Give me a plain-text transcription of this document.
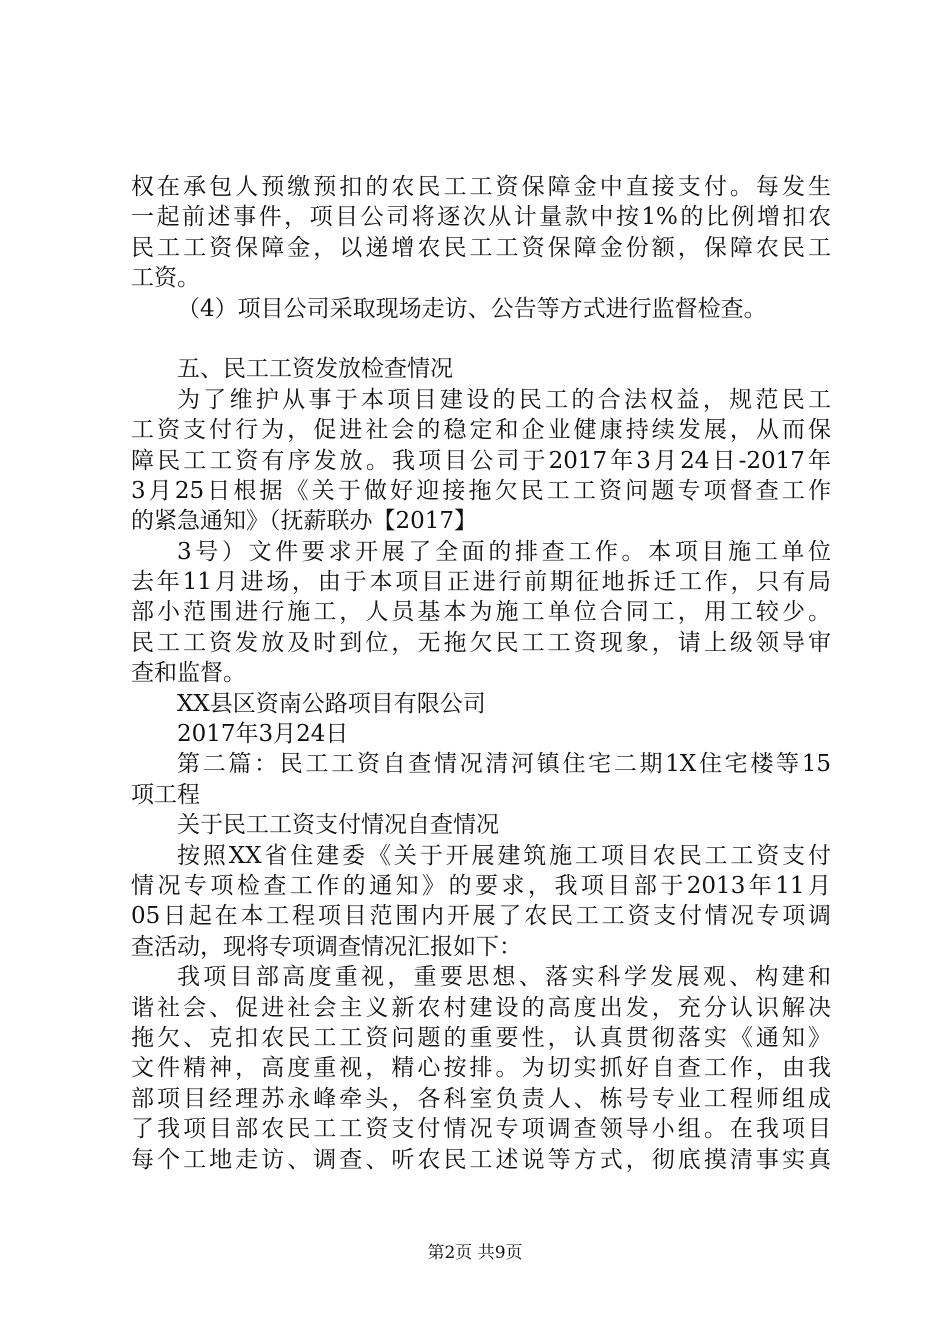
权在承包人预缴预扣的农民工工资保障金中直接支付。每发生
一起前述事件，项目公司将逐次从计量款中按1%的比例增扣农
民工工资保障金，以递增农民工工资保障金份额，保障农民工
工资。
（4）项目公司采取现场走访、公告等方式进行监督检查。
五、民工工资发放检查情况
为了维护从事于本项目建设的民工的合法权益，规范民工
工资支付行为，促进社会的稳定和企业健康持续发展，从而保
障民工工资有序发放。我项目公司于2017年3月24日-2017年
3月25日根据《关于做好迎接拖欠民工工资问题专项督查工作
的紧急通知》（抚薪联办【2017】
3号）文件要求开展了全面的排查工作。本项目施工单位
去年11月进场，由于本项目正进行前期征地拆迁工作，只有局
部小范围进行施工，人员基本为施工单位合同工，用工较少。
民工工资发放及时到位，无拖欠民工工资现象，请上级领导审
查和监督。
XX县区资南公路项目有限公司
2017年3月24日
第二篇：民工工资自查情况清河镇住宅二期1X住宅楼等15
项工程
关于民工工资支付情况自查情况
按照XX省住建委《关于开展建筑施工项目农民工工资支付
情况专项检查工作的通知》的要求，我项目部于2013年11月
05日起在本工程项目范围内开展了农民工工资支付情况专项调
查活动，现将专项调查情况汇报如下：
我项目部高度重视，重要思想、落实科学发展观、构建和
谐社会、促进社会主义新农村建设的高度出发，充分认识解决
拖欠、克扣农民工工资问题的重要性，认真贯彻落实《通知》
文件精神，高度重视，精心按排。为切实抓好自查工作，由我
部项目经理苏永峰牵头，各科室负责人、栋号专业工程师组成
了我项目部农民工工资支付情况专项调查领导小组。在我项目
每个工地走访、调查、听农民工述说等方式，彻底摸清事实真
第2页 共9页
